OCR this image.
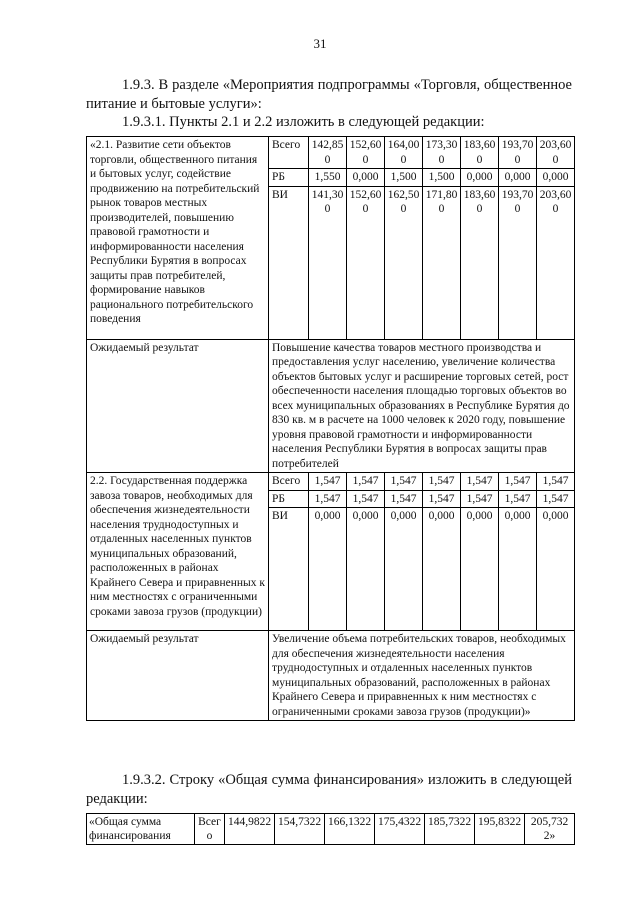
31
1.9.3. В разделе «Мероприятия подпрограммы «Торговля, общественное питание и бытовые услуги»:
1.9.3.1. Пункты 2.1 и 2.2 изложить в следующей редакции:
«2.1. Развитие сети объектов торговли, общественного питания и бытовых услуг, содействие продвижению на потребительский рынок товаров местных производителей, повышению правовой грамотности и информированности населения Республики Бурятия в вопросах защиты прав потребителей, формирование навыков рационального потребительского поведения	Всего	142,850	152,600	164,000	173,300	183,600	193,700	203,600
	РБ	1,550	0,000	1,500	1,500	0,000	0,000	0,000
	ВИ	141,300	152,600	162,500	171,800	183,600	193,700	203,600
Ожидаемый результат	Повышение качества товаров местного производства и предоставления услуг населению, увеличение количества объектов бытовых услуг и расширение торговых сетей, рост обеспеченности населения площадью торговых объектов во всех муниципальных образованиях в Республике Бурятия до 830 кв. м в расчете на 1000 человек к 2020 году, повышение уровня правовой грамотности и информированности населения Республики Бурятия в вопросах защиты прав потребителей							
2.2. Государственная поддержка завоза товаров, необходимых для обеспечения жизнедеятельности населения труднодоступных и отдаленных населенных пунктов муниципальных образований, расположенных в районах Крайнего Севера и приравненных к ним местностях с ограниченными сроками завоза грузов (продукции)	Всего	1,547	1,547	1,547	1,547	1,547	1,547	1,547
	РБ	1,547	1,547	1,547	1,547	1,547	1,547	1,547
	ВИ	0,000	0,000	0,000	0,000	0,000	0,000	0,000
Ожидаемый результат	Увеличение объема потребительских товаров, необходимых для обеспечения жизнедеятельности населения труднодоступных и отдаленных населенных пунктов муниципальных образований, расположенных в районах Крайнего Севера и приравненных к ним местностях с ограниченными сроками завоза грузов (продукции)»							
1.9.3.2. Строку «Общая сумма финансирования» изложить в следующей редакции:
«Общая сумма финансирования	Всего	144,9822	154,7322	166,1322	175,4322	185,7322	195,8322	205,7322»
